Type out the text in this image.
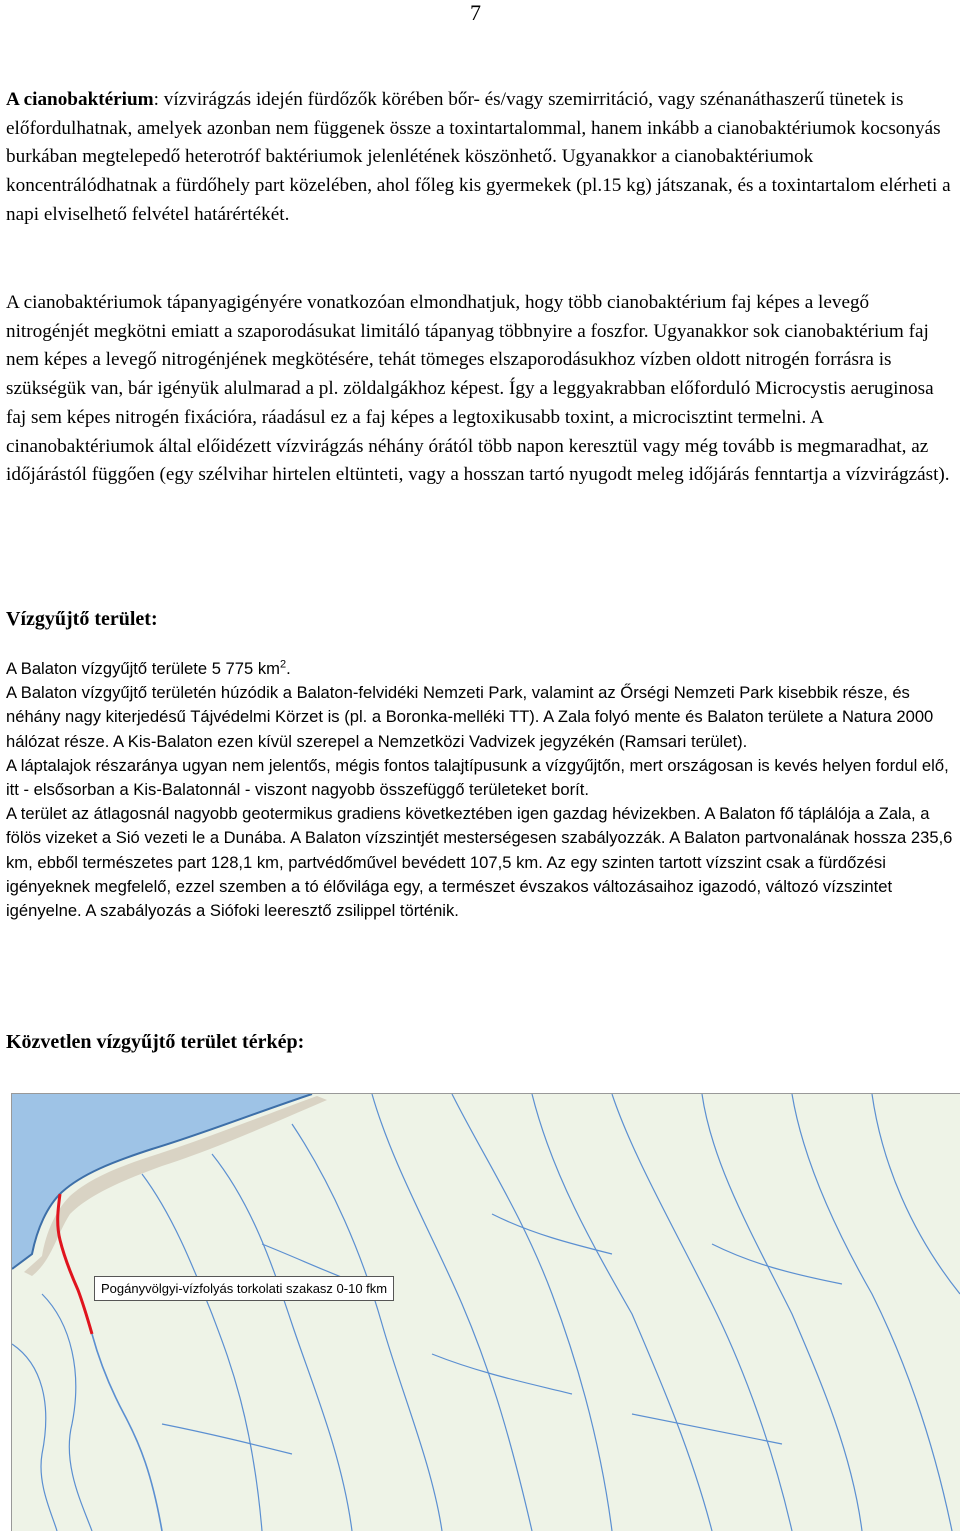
7

A cianobaktérium: vízvirágzás idején fürdőzők körében bőr- és/vagy szemirritáció, vagy szénanáthaszerű tünetek is előfordulhatnak, amelyek azonban nem függenek össze a toxintartalommal, hanem inkább a cianobaktériumok kocsonyás burkában megtelepedő heterotróf baktériumok jelenlétének köszönhető. Ugyanakkor a cianobaktériumok koncentrálódhatnak a fürdőhely part közelében, ahol főleg kis gyermekek (pl.15 kg) játszanak, és a toxintartalom elérheti a napi elviselhető felvétel határértékét.

A cianobaktériumok tápanyagigényére vonatkozóan elmondhatjuk, hogy több cianobaktérium faj képes a levegő nitrogénjét megkötni emiatt a szaporodásukat limitáló tápanyag többnyire a foszfor. Ugyanakkor sok cianobaktérium faj nem képes a levegő nitrogénjének megkötésére, tehát tömeges elszaporodásukhoz vízben oldott nitrogén forrásra is szükségük van, bár igényük alulmarad a pl. zöldalgákhoz képest. Így a leggyakrabban előforduló Microcystis aeruginosa faj sem képes nitrogén fixációra, ráadásul ez a faj képes a legtoxikusabb toxint, a microcisztint termelni. A cinanobaktériumok által előidézett vízvirágzás néhány órától több napon keresztül vagy még tovább is megmaradhat, az időjárástól függően (egy szélvihar hirtelen eltünteti, vagy a hosszan tartó nyugodt meleg időjárás fenntartja a vízvirágzást).

Vízgyűjtő terület:

A Balaton vízgyűjtő területe 5 775 $km^2$.

A Balaton vízgyűjtő területén húzódik a Balaton-felvidéki Nemzeti Park, valamint az Őrségi Nemzeti Park kisebbik része, és néhány nagy kiterjedésű Tájvédelmi Körzet is (pl. a Boronka-melléki TT). A Zala folyó mente és Balaton területe a Natura 2000 hálózat része. A Kis-Balaton ezen kívül szerepel a Nemzetközi Vadvizek jegyzékén (Ramsari terület).

A láptalajok részaránya ugyan nem jelentős, mégis fontos talajtípusunk a vízgyűjtőn, mert országosan is kevés helyen fordul elő, itt - elsősorban a Kis-Balatonnál - viszont nagyobb összefüggő területeket borít.

A terület az átlagosnál nagyobb geotermikus gradiens következtében igen gazdag hévizekben. A Balaton fő táplálója a Zala, a fölös vizeket a Sió vezeti le a Dunába. A Balaton vízszintjét mesterségesen szabályozzák. A Balaton partvonalának hossza 235,6 km, ebből természetes part 128,1 km, partvédőművel bevédett 107,5 km. Az egy szinten tartott vízszint csak a fürdőzési igényeknek megfelelő, ezzel szemben a tó élővilága egy, a természet évszakos változásaihoz igazodó, változó vízszintet igényelne. A szabályozás a Siófoki leeresztő zsilippel történik.

Közvetlen vízgyűjtő terület térkép:
Pogányvölgyi-vízfolyás torkolati szakasz 0-10 fkm
